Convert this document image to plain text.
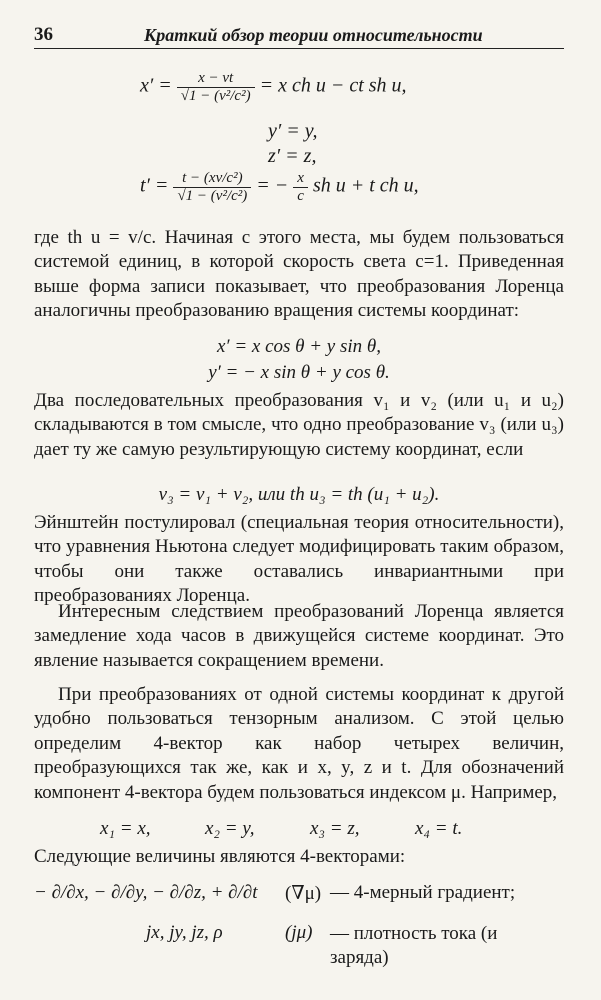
36	Краткий обзор теории относительности
$x' = \frac{x - vt}{\text{√1 − (v²/c²)}} = x$ ch u − ct sh u,
y′ = y,
z′ = z,
$t' = \frac{\text{t − (xv/c²)}}{\text{√1 − (v²/c²)}}$ = − $\frac{x}{c}$ sh u + t ch u,

где th u = v/c. Начиная с этого места, мы будем пользоваться системой единиц, в которой скорость света c=1. Приведенная выше форма записи показывает, что преобразования Лоренца аналогичны преобразованию вращения системы координат:

x′ = x cos θ + y sin θ,
y′ = − x sin θ + y cos θ.

Два последовательных преобразования v₁ и v₂ (или u₁ и u₂) складываются в том смысле, что одно преобразование v₃ (или u₃) дает ту же самую результирующую систему координат, если

v₃ = v₁ + v₂, или th u₃ = th (u₁ + u₂).

Эйнштейн постулировал (специальная теория относительности), что уравнения Ньютона следует модифицировать таким образом, чтобы они также оставались инвариантными при преобразованиях Лоренца.

Интересным следствием преобразований Лоренца является замедление хода часов в движущейся системе координат. Это явление называется сокращением времени.

При преобразованиях от одной системы координат к другой удобно пользоваться тензорным анализом. С этой целью определим 4-вектор как набор четырех величин, преобразующихся так же, как и x, y, z и t. Для обозначений компонент 4-вектора будем пользоваться индексом μ. Например,

x₁ = x,	x₂ = y,	x₃ = z,	x₄ = t.

Следующие величины являются 4-векторами:

− ∂/∂x, − ∂/∂y, − ∂/∂z, + ∂/∂t (∇μ) — 4-мерный градиент;
jx, jy, jz, ρ	(jμ) — плотность тока (и заряда)
